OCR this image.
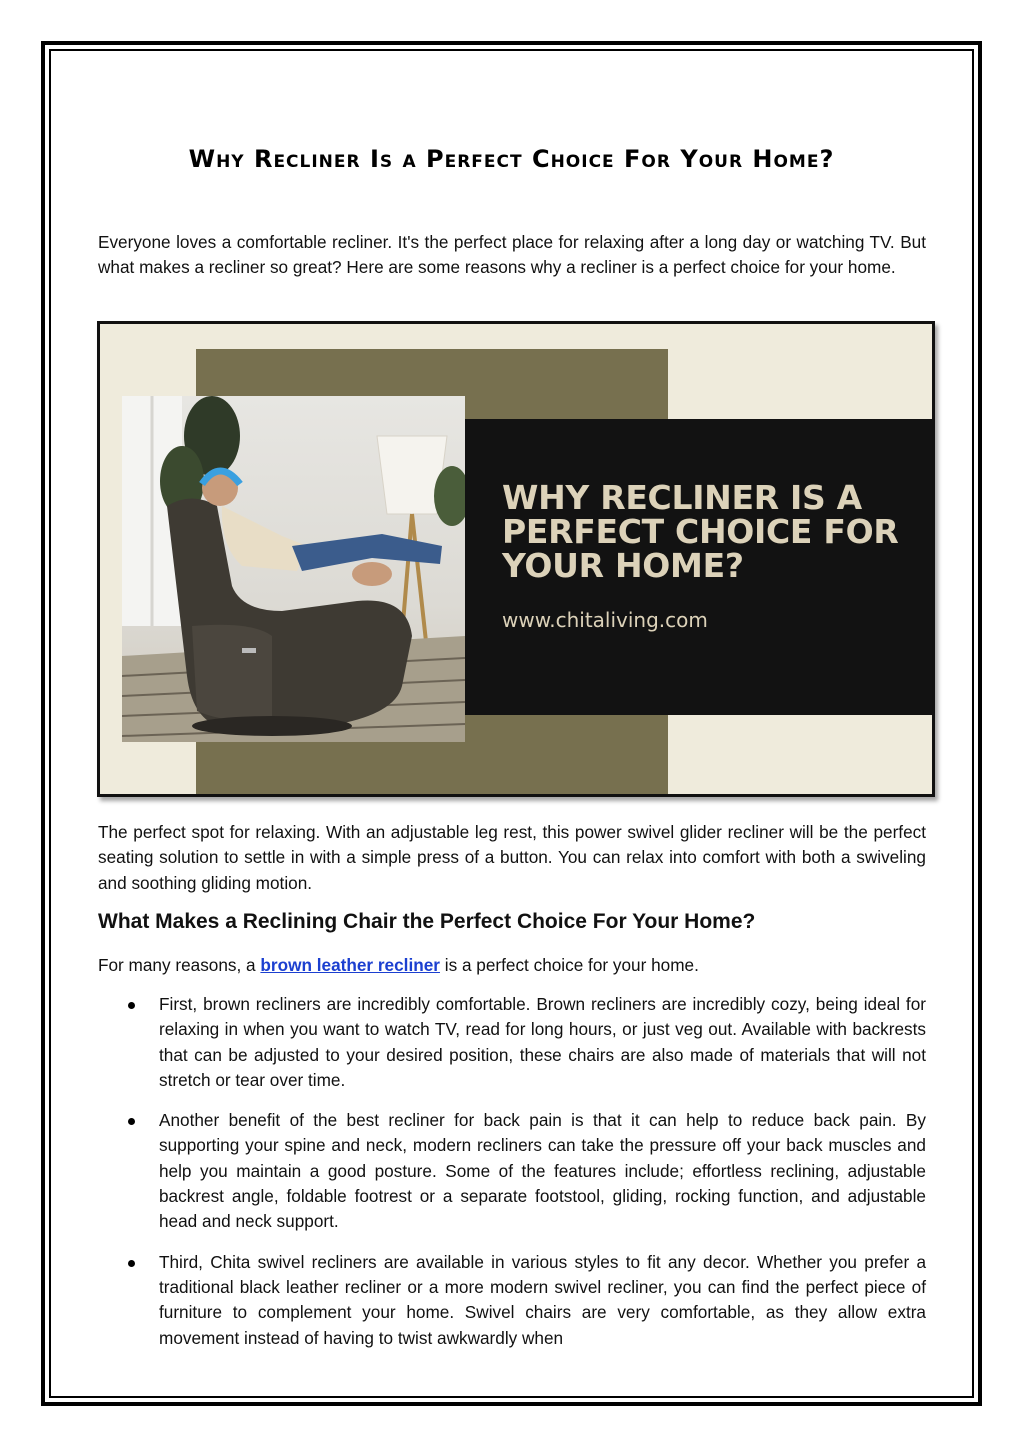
Why Recliner Is a Perfect Choice For Your Home?

Everyone loves a comfortable recliner. It's the perfect place for relaxing after a long day or watching TV. But what makes a recliner so great? Here are some reasons why a recliner is a perfect choice for your home.

WHY RECLINER IS A PERFECT CHOICE FOR YOUR HOME?

www.chitaliving.com

The perfect spot for relaxing. With an adjustable leg rest, this power swivel glider recliner will be the perfect seating solution to settle in with a simple press of a button. You can relax into comfort with both a swiveling and soothing gliding motion.

What Makes a Reclining Chair the Perfect Choice For Your Home?

For many reasons, a brown leather recliner is a perfect choice for your home.

First, brown recliners are incredibly comfortable. Brown recliners are incredibly cozy, being ideal for relaxing in when you want to watch TV, read for long hours, or just veg out. Available with backrests that can be adjusted to your desired position, these chairs are also made of materials that will not stretch or tear over time.
Another benefit of the best recliner for back pain is that it can help to reduce back pain. By supporting your spine and neck, modern recliners can take the pressure off your back muscles and help you maintain a good posture. Some of the features include; effortless reclining, adjustable backrest angle, foldable footrest or a separate footstool, gliding, rocking function, and adjustable head and neck support.
Third, Chita swivel recliners are available in various styles to fit any decor. Whether you prefer a traditional black leather recliner or a more modern swivel recliner, you can find the perfect piece of furniture to complement your home. Swivel chairs are very comfortable, as they allow extra movement instead of having to twist awkwardly when
